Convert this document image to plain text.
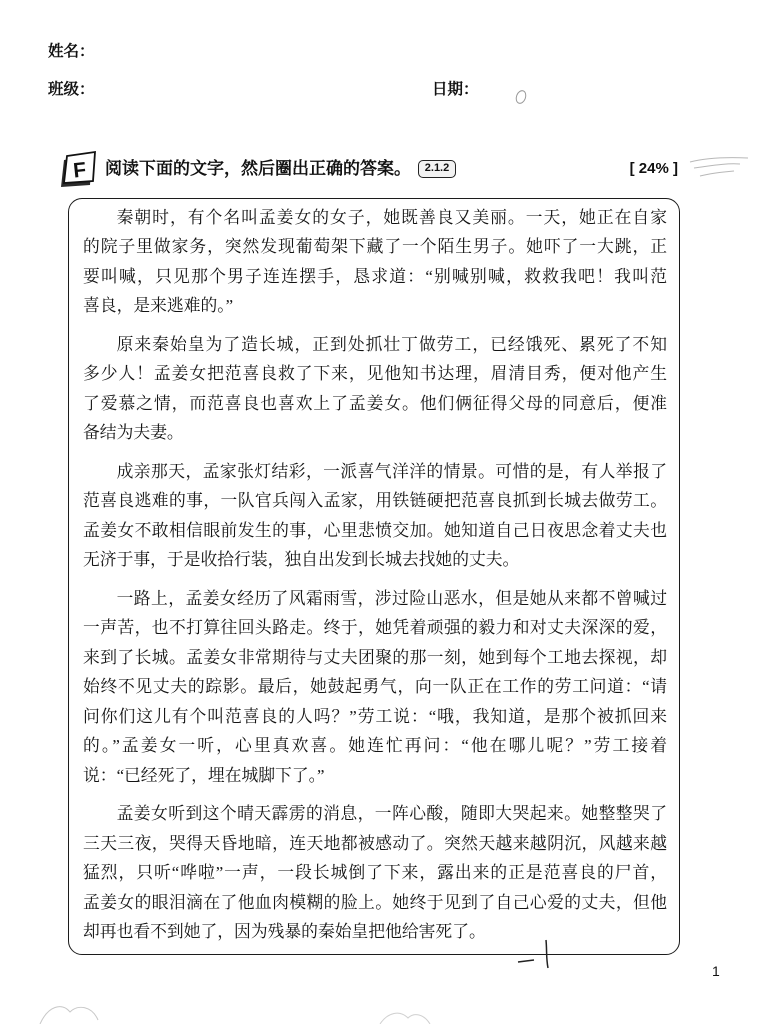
姓名：
班级：	日期：
F 阅读下面的文字，然后圈出正确的答案。	2.1.2	[ 24% ]
秦朝时，有个名叫孟姜女的女子，她既善良又美丽。一天，她正在自家
的院子里做家务，突然发现葡萄架下藏了一个陌生男子。她吓了一大跳，正
要叫喊，只见那个男子连连摆手，恳求道：“别喊别喊，救救我吧！我叫范
喜良，是来逃难的。”
原来秦始皇为了造长城，正到处抓壮丁做劳工，已经饿死、累死了不知
多少人！孟姜女把范喜良救了下来，见他知书达理，眉清目秀，便对他产生
了爱慕之情，而范喜良也喜欢上了孟姜女。他们俩征得父母的同意后，便准
备结为夫妻。
成亲那天，孟家张灯结彩，一派喜气洋洋的情景。可惜的是，有人举报了
范喜良逃难的事，一队官兵闯入孟家，用铁链硬把范喜良抓到长城去做劳工。
孟姜女不敢相信眼前发生的事，心里悲愤交加。她知道自己日夜思念着丈夫也
无济于事，于是收拾行装，独自出发到长城去找她的丈夫。
一路上，孟姜女经历了风霜雨雪，涉过险山恶水，但是她从来都不曾喊过
一声苦，也不打算往回头路走。终于，她凭着顽强的毅力和对丈夫深深的爱，
来到了长城。孟姜女非常期待与丈夫团聚的那一刻，她到每个工地去探视，却
始终不见丈夫的踪影。最后，她鼓起勇气，向一队正在工作的劳工问道：“请
问你们这儿有个叫范喜良的人吗？”劳工说：“哦，我知道，是那个被抓回来
的。”孟姜女一听，心里真欢喜。她连忙再问：“他在哪儿呢？”劳工接着
说：“已经死了，埋在城脚下了。”
孟姜女听到这个晴天霹雳的消息，一阵心酸，随即大哭起来。她整整哭了
三天三夜，哭得天昏地暗，连天地都被感动了。突然天越来越阴沉，风越来越
猛烈，只听“哗啦”一声，一段长城倒了下来，露出来的正是范喜良的尸首，
孟姜女的眼泪滴在了他血肉模糊的脸上。她终于见到了自己心爱的丈夫，但他
却再也看不到她了，因为残暴的秦始皇把他给害死了。
1
